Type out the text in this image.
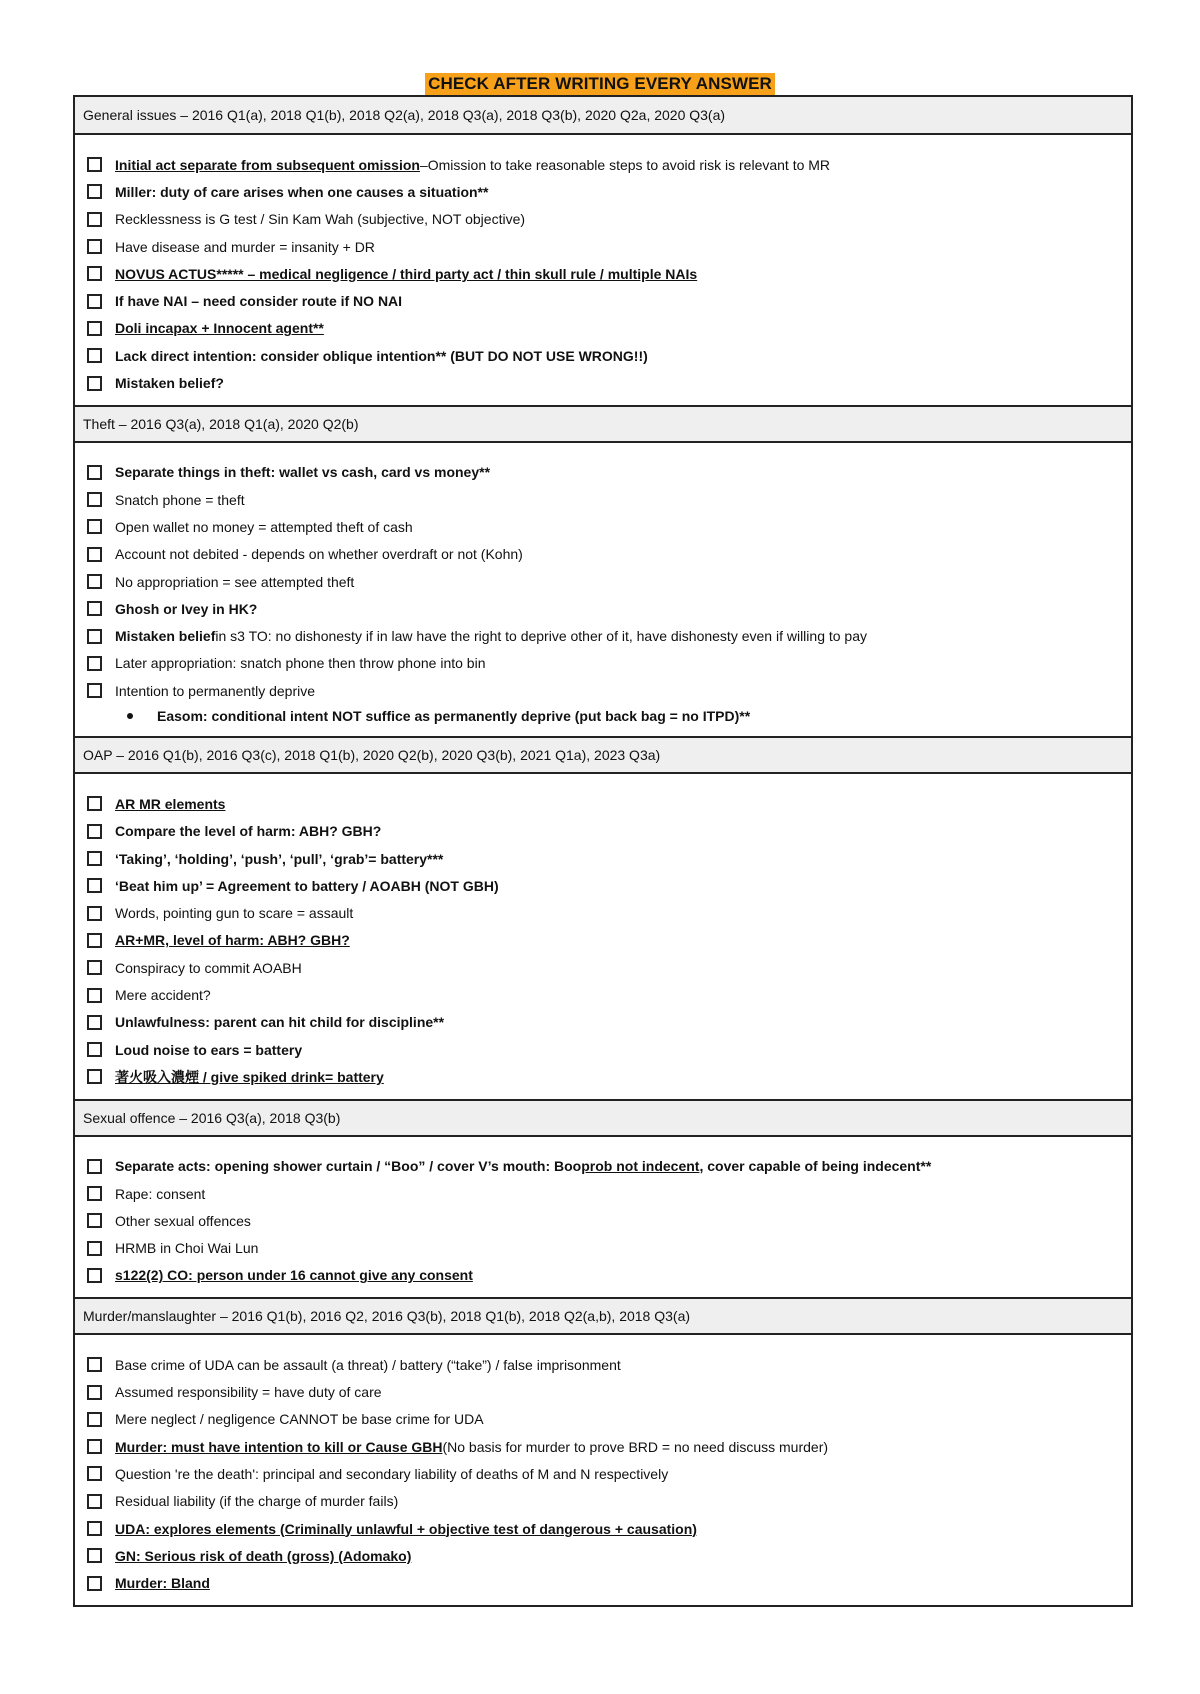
CHECK AFTER WRITING EVERY ANSWER
General issues – 2016 Q1(a), 2018 Q1(b), 2018 Q2(a), 2018 Q3(a), 2018 Q3(b), 2020 Q2a, 2020 Q3(a)
Initial act separate from subsequent omission –Omission to take reasonable steps to avoid risk is relevant to MR
Miller: duty of care arises when one causes a situation**
Recklessness is G test / Sin Kam Wah (subjective, NOT objective)
Have disease and murder = insanity + DR
NOVUS ACTUS***** – medical negligence / third party act / thin skull rule / multiple NAIs
If have NAI – need consider route if NO NAI
Doli incapax + Innocent agent**
Lack direct intention: consider oblique intention** (BUT DO NOT USE WRONG!!)
Mistaken belief?
Theft – 2016 Q3(a), 2018 Q1(a), 2020 Q2(b)
Separate things in theft: wallet vs cash, card vs money**
Snatch phone = theft
Open wallet no money = attempted theft of cash
Account not debited - depends on whether overdraft or not (Kohn)
No appropriation = see attempted theft
Ghosh or Ivey in HK?
Mistaken belief in s3 TO: no dishonesty if in law have the right to deprive other of it, have dishonesty even if willing to pay
Later appropriation: snatch phone then throw phone into bin
Intention to permanently deprive
Easom: conditional intent NOT suffice as permanently deprive (put back bag = no ITPD)**
OAP – 2016 Q1(b), 2016 Q3(c), 2018 Q1(b), 2020 Q2(b), 2020 Q3(b), 2021 Q1a), 2023 Q3a)
AR MR elements
Compare the level of harm: ABH? GBH?
‘Taking’, ‘holding’, ‘push’, ‘pull’, ‘grab’= battery***
‘Beat him up’ = Agreement to battery / AOABH (NOT GBH)
Words, pointing gun to scare = assault
AR+MR, level of harm: ABH? GBH?
Conspiracy to commit AOABH
Mere accident?
Unlawfulness: parent can hit child for discipline**
Loud noise to ears = battery
著火吸入濃煙 / give spiked drink= battery
Sexual offence – 2016 Q3(a), 2018 Q3(b)
Separate acts: opening shower curtain / “Boo” / cover V’s mouth: Boo prob not indecent , cover capable of being indecent**
Rape: consent
Other sexual offences
HRMB in Choi Wai Lun
s122(2) CO: person under 16 cannot give any consent
Murder/manslaughter – 2016 Q1(b), 2016 Q2, 2016 Q3(b), 2018 Q1(b), 2018 Q2(a,b), 2018 Q3(a)
Base crime of UDA can be assault (a threat) / battery (“take”) / false imprisonment
Assumed responsibility = have duty of care
Mere neglect / negligence CANNOT be base crime for UDA
Murder: must have intention to kill or Cause GBH (No basis for murder to prove BRD = no need discuss murder)
Question 're the death': principal and secondary liability of deaths of M and N respectively
Residual liability (if the charge of murder fails)
UDA: explores elements (Criminally unlawful + objective test of dangerous + causation)
GN: Serious risk of death (gross) (Adomako)
Murder: Bland
